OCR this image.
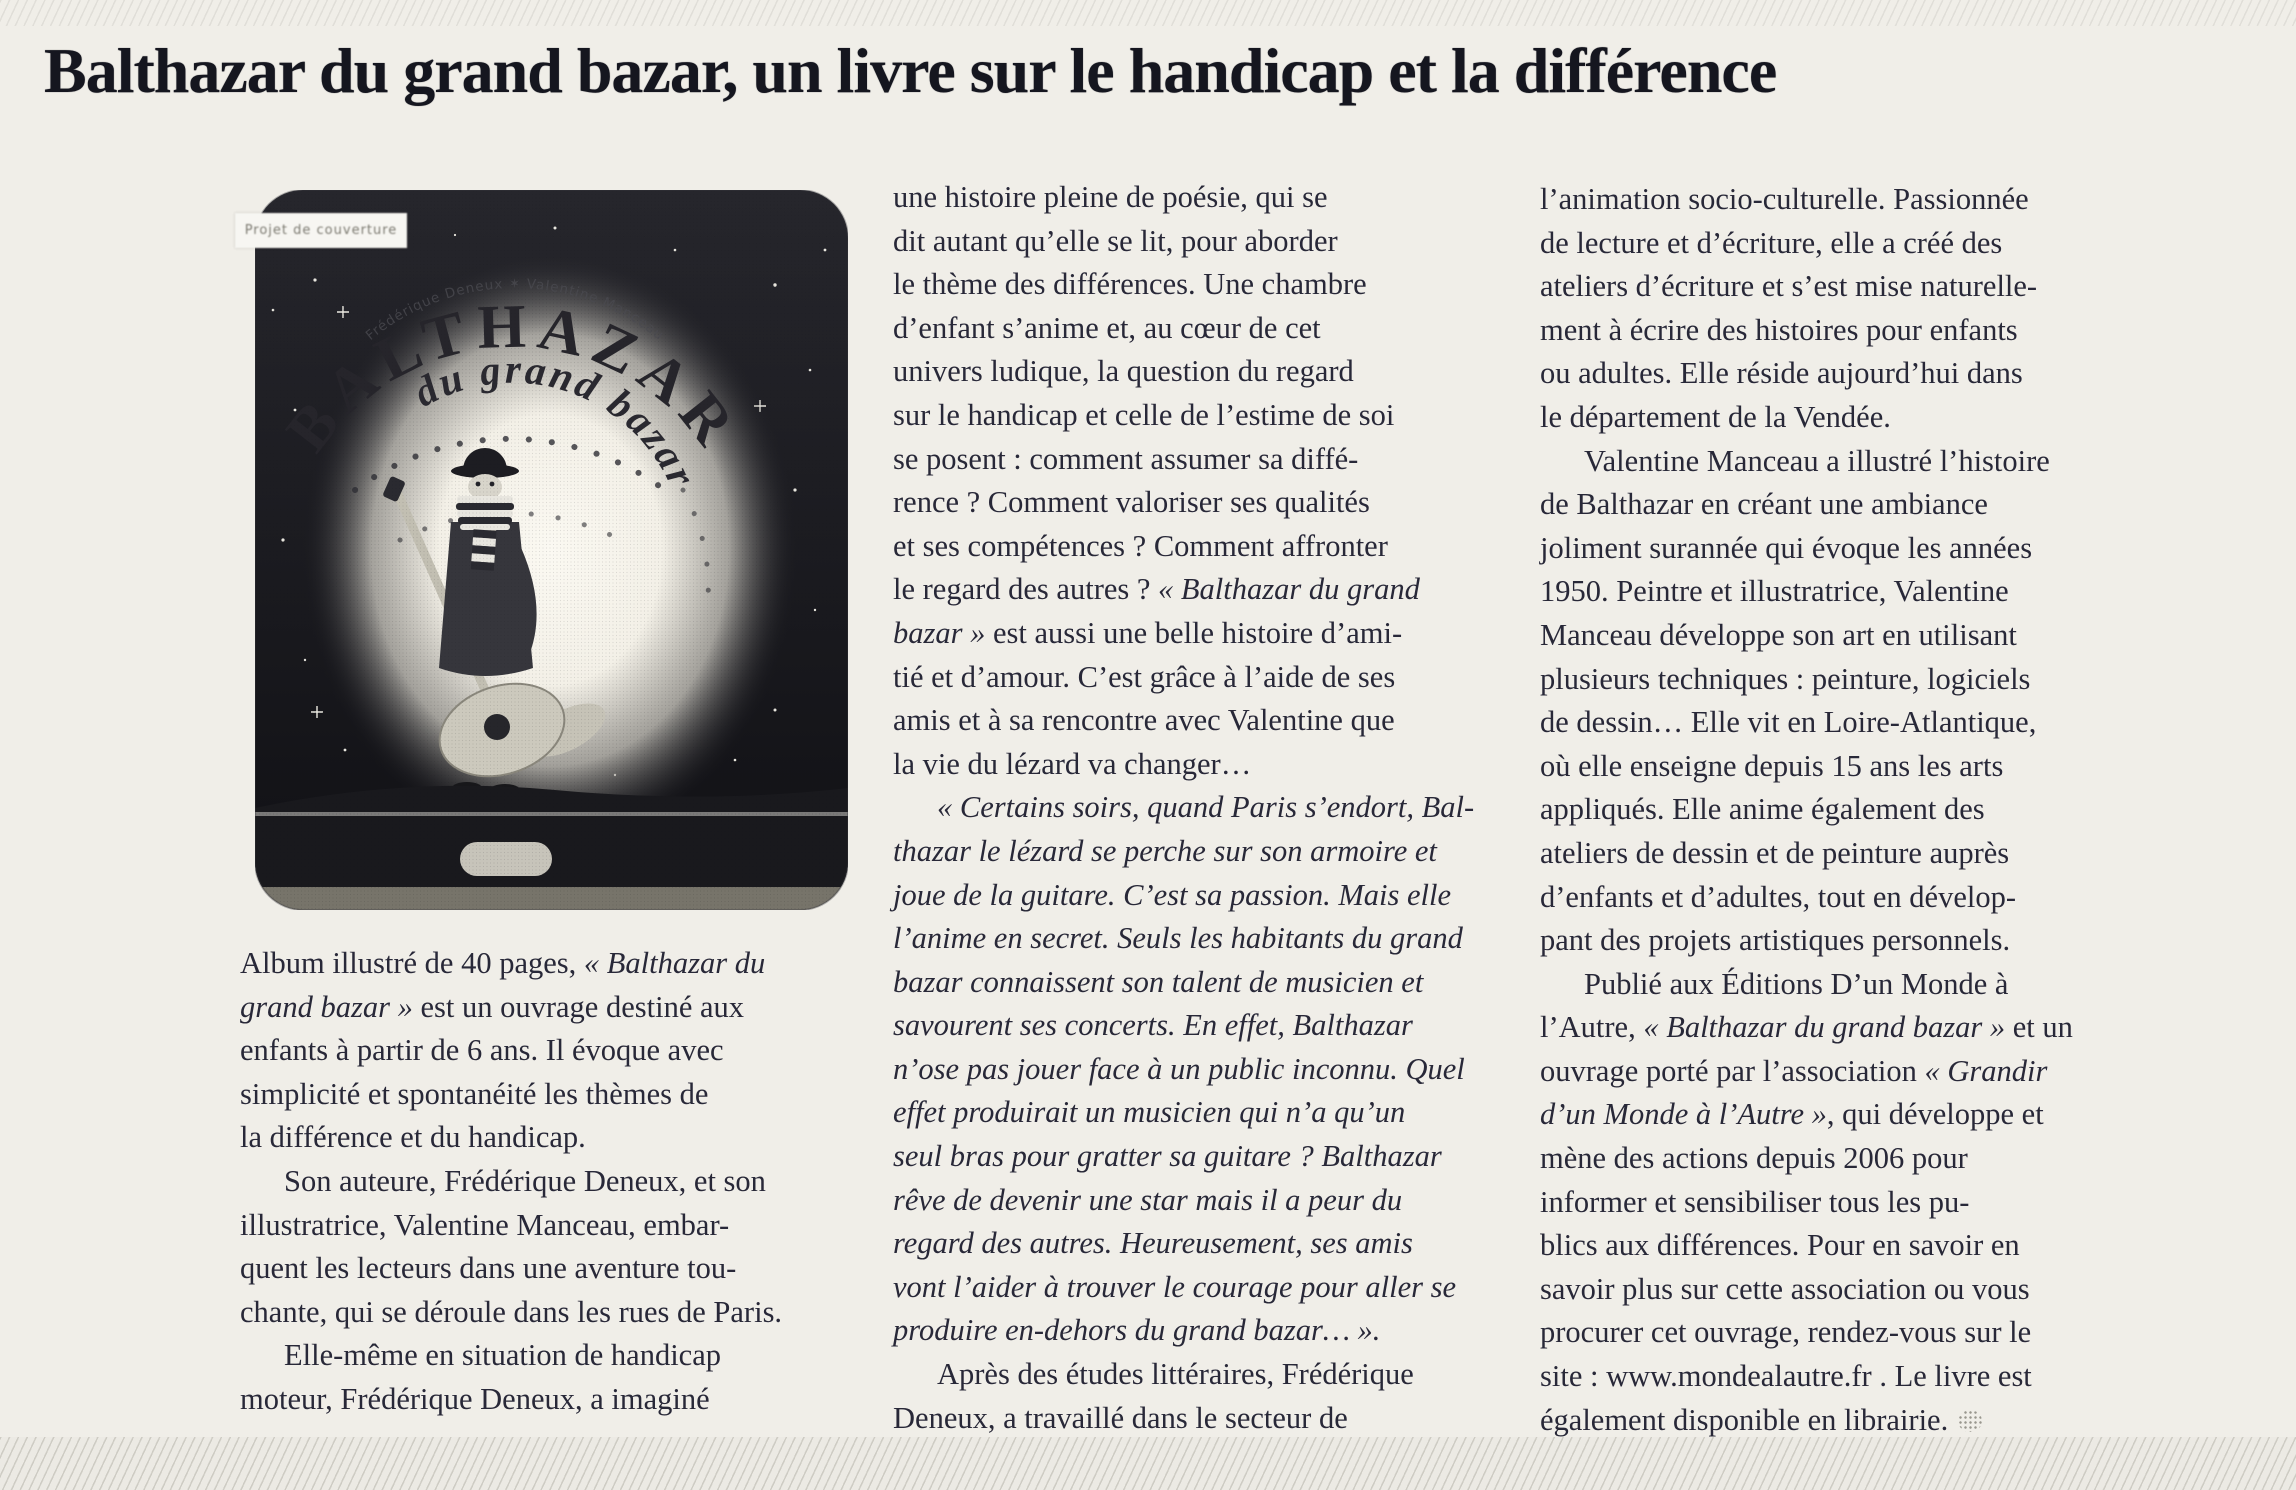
Balthazar du grand bazar, un livre sur le handicap et la différence
Projet de couverture
Album illustré de 40 pages, « Balthazar du
grand bazar » est un ouvrage destiné aux
enfants à partir de 6 ans. Il évoque avec
simplicité et spontanéité les thèmes de
la différence et du handicap.
Son auteure, Frédérique Deneux, et son
illustratrice, Valentine Manceau, embar-
quent les lecteurs dans une aventure tou-
chante, qui se déroule dans les rues de Paris.
Elle-même en situation de handicap
moteur, Frédérique Deneux, a imaginé
une histoire pleine de poésie, qui se
dit autant qu’elle se lit, pour aborder
le thème des différences. Une chambre
d’enfant s’anime et, au cœur de cet
univers ludique, la question du regard
sur le handicap et celle de l’estime de soi
se posent : comment assumer sa diffé-
rence ? Comment valoriser ses qualités
et ses compétences ? Comment affronter
le regard des autres ? « Balthazar du grand
bazar » est aussi une belle histoire d’ami-
tié et d’amour. C’est grâce à l’aide de ses
amis et à sa rencontre avec Valentine que
la vie du lézard va changer…
« Certains soirs, quand Paris s’endort, Bal-
thazar le lézard se perche sur son armoire et
joue de la guitare. C’est sa passion. Mais elle
l’anime en secret. Seuls les habitants du grand
bazar connaissent son talent de musicien et
savourent ses concerts. En effet, Balthazar
n’ose pas jouer face à un public inconnu. Quel
effet produirait un musicien qui n’a qu’un
seul bras pour gratter sa guitare ? Balthazar
rêve de devenir une star mais il a peur du
regard des autres. Heureusement, ses amis
vont l’aider à trouver le courage pour aller se
produire en-dehors du grand bazar… ».
Après des études littéraires, Frédérique
Deneux, a travaillé dans le secteur de
l’animation socio-culturelle. Passionnée
de lecture et d’écriture, elle a créé des
ateliers d’écriture et s’est mise naturelle-
ment à écrire des histoires pour enfants
ou adultes. Elle réside aujourd’hui dans
le département de la Vendée.
Valentine Manceau a illustré l’histoire
de Balthazar en créant une ambiance
joliment surannée qui évoque les années
1950. Peintre et illustratrice, Valentine
Manceau développe son art en utilisant
plusieurs techniques : peinture, logiciels
de dessin… Elle vit en Loire-Atlantique,
où elle enseigne depuis 15 ans les arts
appliqués. Elle anime également des
ateliers de dessin et de peinture auprès
d’enfants et d’adultes, tout en dévelop-
pant des projets artistiques personnels.
Publié aux Éditions D’un Monde à
l’Autre, « Balthazar du grand bazar » et un
ouvrage porté par l’association « Grandir
d’un Monde à l’Autre », qui développe et
mène des actions depuis 2006 pour
informer et sensibiliser tous les pu-
blics aux différences. Pour en savoir en
savoir plus sur cette association ou vous
procurer cet ouvrage, rendez-vous sur le
site : www.mondealautre.fr . Le livre est
également disponible en librairie.
